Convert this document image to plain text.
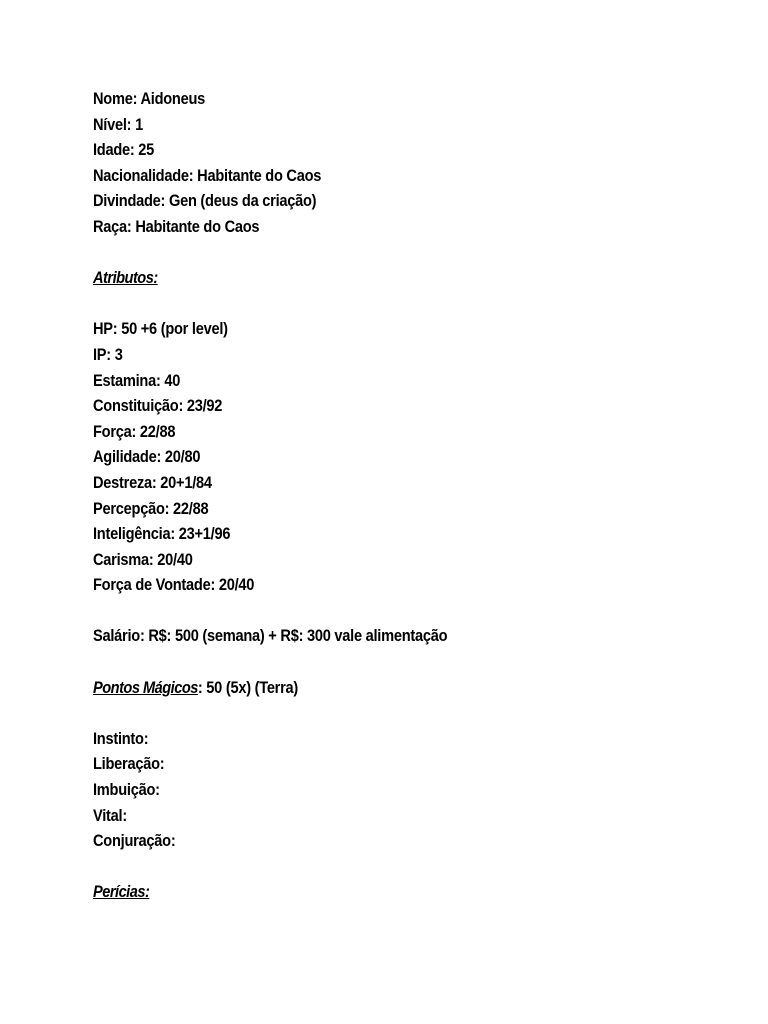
Nome: Aidoneus
Nível: 1
Idade: 25
Nacionalidade: Habitante do Caos
Divindade: Gen (deus da criação)
Raça: Habitante do Caos
Atributos:
HP: 50 +6 (por level)
IP: 3
Estamina: 40
Constituição: 23/92
Força: 22/88
Agilidade: 20/80
Destreza: 20+1/84
Percepção: 22/88
Inteligência: 23+1/96
Carisma: 20/40
Força de Vontade: 20/40
Salário: R$: 500 (semana) + R$: 300 vale alimentação
Pontos Mágicos: 50 (5x) (Terra)
Instinto:
Liberação:
Imbuição:
Vital:
Conjuração:
Perícias:
